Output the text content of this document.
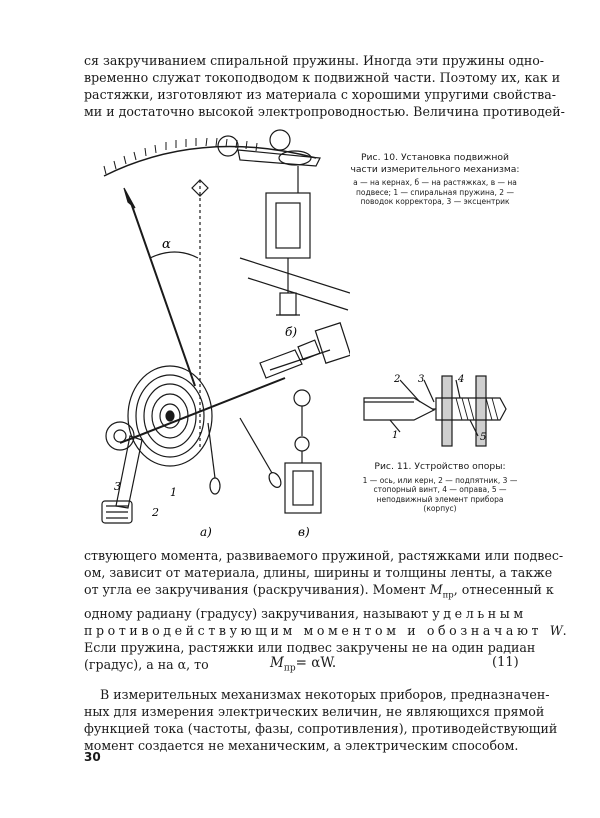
ся закручиванием спиральной пружины. Иногда эти пружины одно-
временно служат токоподводом к подвижной части. Поэтому их, как и
растяжки, изготовляют из материала с хорошими упругими свойства-
ми и достаточно высокой электропроводностью. Величина противодей-
α
а)
б)
в)
1
2
3
Рис. 10. Установка подвижной части измерительного механизма:
а — на кернах, б — на растяжках, в — на подвесе; 1 — спиральная пружина, 2 — поводок корректора, 3 — эксцентрик
2 3	4
1	5
Рис. 11. Устройство опоры:
1 — ось, или керн, 2 — подпятник, 3 — стопорный винт, 4 — оправа, 5 — неподвижный элемент прибора (корпус)
ствующего момента, развиваемого пружиной, растяжками или подвес-
ом, зависит от материала, длины, ширины и толщины ленты, а также
от угла ее закручивания (раскручивания). Момент $M_{пр}$, отнесенный к
одному радиану (градусу) закручивания, называют удельным
противодействующим моментом и обозначают W.
Если пружина, растяжки или подвес закручены не на один радиан
(градус), а на α, то	$M_{пр}= \alpha W$.	(11)
В измерительных механизмах некоторых приборов, предназначен-
ных для измерения электрических величин, не являющихся прямой
функцией тока (частоты, фазы, сопротивления), противодействующий
момент создается не механическим, а электрическим способом.
30
